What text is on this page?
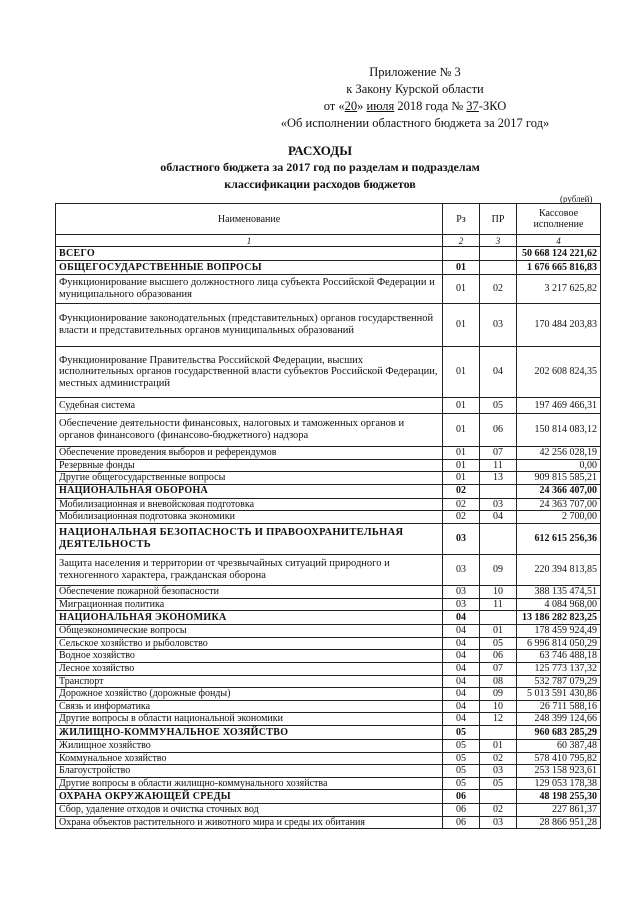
Приложение № 3
к Закону Курской области
от «20» июля 2018 года № 37-ЗКО
«Об исполнении областного бюджета за 2017 год»
РАСХОДЫ
областного бюджета за 2017 год по разделам и подразделам
классификации расходов бюджетов
(рублей)
Наименование	Рз	ПР	Кассовое исполнение
1	2	3	4
ВСЕГО			50 668 124 221,62
ОБЩЕГОСУДАРСТВЕННЫЕ ВОПРОСЫ	01		1 676 665 816,83
Функционирование высшего должностного лица субъекта Российской Федерации и муниципального образования	01	02	3 217 625,82
Функционирование законодательных (представительных) органов государственной власти и представительных органов муниципальных образований	01	03	170 484 203,83
Функционирование Правительства Российской Федерации, высших исполнительных органов государственной власти субъектов Российской Федерации, местных администраций	01	04	202 608 824,35
Судебная система	01	05	197 469 466,31
Обеспечение деятельности финансовых, налоговых и таможенных органов и органов финансового (финансово-бюджетного) надзора	01	06	150 814 083,12
Обеспечение проведения выборов и референдумов	01	07	42 256 028,19
Резервные фонды	01	11	0,00
Другие общегосударственные вопросы	01	13	909 815 585,21
НАЦИОНАЛЬНАЯ ОБОРОНА	02		24 366 407,00
Мобилизационная и вневойсковая подготовка	02	03	24 363 707,00
Мобилизационная подготовка экономики	02	04	2 700,00
НАЦИОНАЛЬНАЯ БЕЗОПАСНОСТЬ И ПРАВООХРАНИТЕЛЬНАЯ ДЕЯТЕЛЬНОСТЬ	03		612 615 256,36
Защита населения и территории от чрезвычайных ситуаций природного и техногенного характера, гражданская оборона	03	09	220 394 813,85
Обеспечение пожарной безопасности	03	10	388 135 474,51
Миграционная политика	03	11	4 084 968,00
НАЦИОНАЛЬНАЯ ЭКОНОМИКА	04		13 186 282 823,25
Общеэкономические вопросы	04	01	178 459 924,49
Сельское хозяйство и рыболовство	04	05	6 996 814 050,29
Водное хозяйство	04	06	63 746 488,18
Лесное хозяйство	04	07	125 773 137,32
Транспорт	04	08	532 787 079,29
Дорожное хозяйство (дорожные фонды)	04	09	5 013 591 430,86
Связь и информатика	04	10	26 711 588,16
Другие вопросы в области национальной экономики	04	12	248 399 124,66
ЖИЛИЩНО-КОММУНАЛЬНОЕ ХОЗЯЙСТВО	05		960 683 285,29
Жилищное хозяйство	05	01	60 387,48
Коммунальное хозяйство	05	02	578 410 795,82
Благоустройство	05	03	253 158 923,61
Другие вопросы в области жилищно-коммунального хозяйства	05	05	129 053 178,38
ОХРАНА ОКРУЖАЮЩЕЙ СРЕДЫ	06		48 198 255,30
Сбор, удаление отходов и очистка сточных вод	06	02	227 861,37
Охрана объектов растительного и животного мира и среды их обитания	06	03	28 866 951,28
